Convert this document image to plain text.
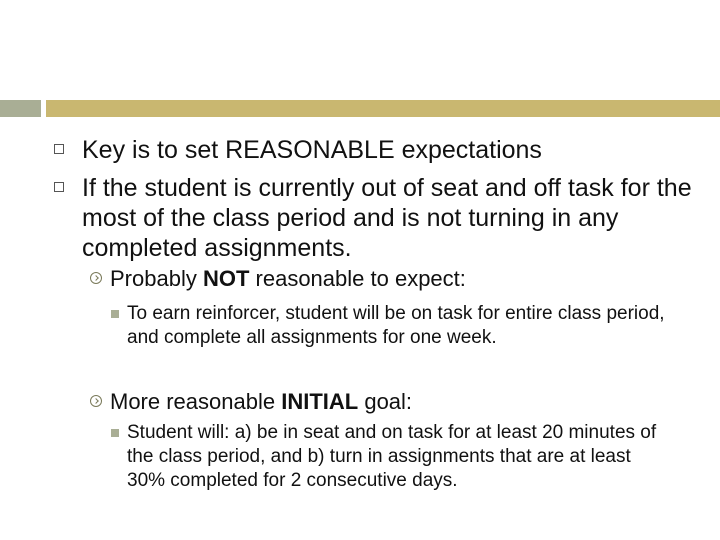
Key is to set REASONABLE expectations
If the student is currently out of seat and off task for the most of the class period and is not turning in any completed assignments.
Probably NOT reasonable to expect:
To earn reinforcer, student will be on task for entire class period, and complete all assignments for one week.
More reasonable INITIAL goal:
Student will: a) be in seat and on task for at least 20 minutes of the class period, and b) turn in assignments that are at least 30% completed for 2 consecutive days.
